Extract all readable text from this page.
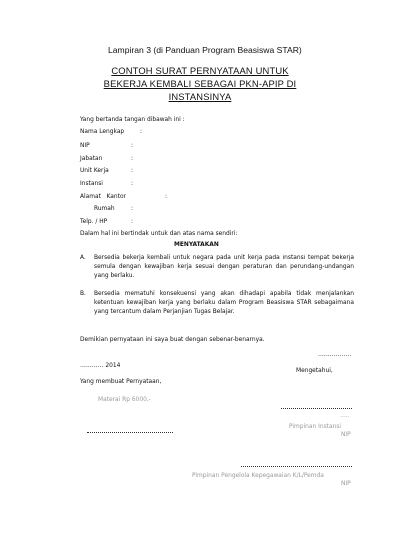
Lampiran 3 (di Panduan Program Beasiswa STAR)
CONTOH SURAT PERNYATAAN UNTUK
BEKERJA KEMBALI SEBAGAI PKN-APIP DI
INSTANSINYA
Yang bertanda tangan dibawah ini :
Nama Lengkap	:
NIP	:
Jabatan	:
Unit Kerja	:
Instansi	:
Alamat   Kantor	:
Rumah	:
Telp. / HP	:
Dalam hal ini bertindak untuk dan atas nama sendiri:
MENYATAKAN
A. Bersedia bekerja kembali untuk negara pada unit kerja pada instansi tempat bekerja semula dengan kewajiban kerja sesuai dengan peraturan dan perundang-undangan yang berlaku.
B. Bersedia mematuhi konsekuensi yang akan dihadapi apabila tidak menjalankan ketentuan kewajiban kerja yang berlaku dalam Program Beasiswa STAR sebagaimana yang tercantum dalam Perjanjian Tugas Belajar.
Demikian pernyataan ini saya buat dengan sebenar-benarnya.
……………..
………… 2014
Mengetahui,
Yang membuat Pernyataan,
Materai Rp 6000,-
…..
Pimpinan Instansi
NIP
Pimpinan Pengelola Kepegawaian K/L/Pemda
NIP
